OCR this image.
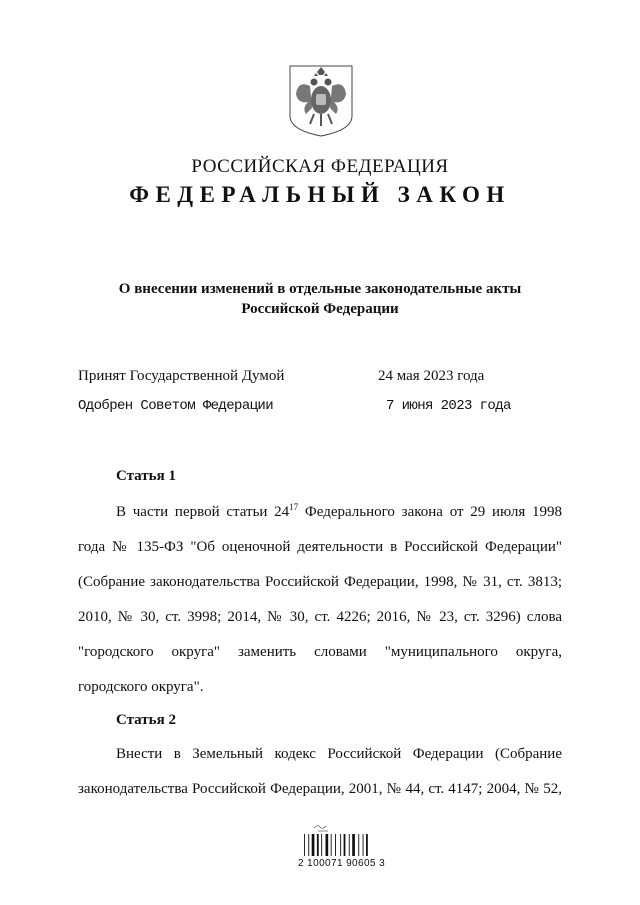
РОССИЙСКАЯ ФЕДЕРАЦИЯ
ФЕДЕРАЛЬНЫЙ ЗАКОН
О внесении изменений в отдельные законодательные акты
Российской Федерации
Принят Государственной Думой	24 мая 2023 года
Одобрен Советом Федерации	7 июня 2023 года
Статья 1
В части первой статьи $24^{17}$ Федерального закона от 29 июля 1998
года № 135-ФЗ "Об оценочной деятельности в Российской Федерации"
(Собрание законодательства Российской Федерации, 1998, № 31, ст. 3813;
2010, № 30, ст. 3998; 2014, № 30, ст. 4226; 2016, № 23, ст. 3296) слова
"городского округа" заменить словами "муниципального округа,
городского округа".
Статья 2
Внести в Земельный кодекс Российской Федерации (Собрание
законодательства Российской Федерации, 2001, № 44, ст. 4147; 2004, № 52,
2 100071 90605 3
